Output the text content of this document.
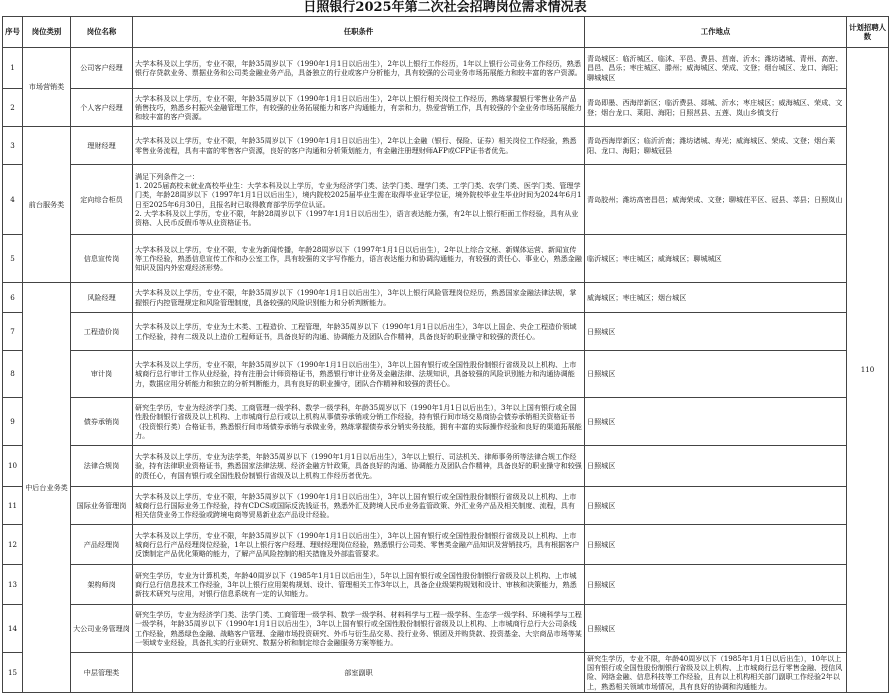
日照银行2025年第二次社会招聘岗位需求情况表
序号	岗位类别	岗位名称	任职条件	工作地点	计划招聘人数	
1	市场营销类	公司客户经理	大学本科及以上学历，专业不限，年龄35周岁以下（1990年1月1日以后出生），2年以上银行工作经历，1年以上银行公司业务工作经历，熟悉银行存贷款业务、票据业务和公司类金融业务产品，具备独立的行业或客户分析能力，具有较强的公司业务市场拓展能力和较丰富的客户资源。	青岛城区：临沂城区、临沭、平邑、费县、莒南、沂水；潍坊诸城、青州、高密、昌邑、昌乐；枣庄城区、滕州；威海城区、荣成、文登；烟台城区、龙口、海阳；聊城城区	110	
2		个人客户经理	大学本科及以上学历，专业不限，年龄35周岁以下（1990年1月1日以后出生），2年以上银行相关岗位工作经历，熟练掌握银行零售业务产品销售技巧，熟悉乡村振兴金融管理工作，有较强的业务拓展能力和客户沟通能力，有亲和力，热爱营销工作，具有较强的个金业务市场拓展能力和较丰富的客户资源。	青岛即墨、西海岸新区；临沂费县、郯城、沂水；枣庄城区；威海城区、荣成、文登；烟台龙口、莱阳、海阳；日照莒县、五莲、岚山乡镇支行		
3	前台服务类	理财经理	大学本科及以上学历，专业不限，年龄35周岁以下（1990年1月1日以后出生），2年以上金融（银行、保险、证券）相关岗位工作经验，熟悉零售业务流程，具有丰富的零售客户资源，良好的客户沟通和分析策划能力，有金融注册理财师AFP或CFP证书者优先。	青岛西海岸新区；临沂沂南；潍坊诸城、寿光；威海城区、荣成、文登；烟台莱阳、龙口、海阳；聊城冠县		
4		定向综合柜员	满足下列条件之一：
1. 2025届高校未就业高校毕业生：大学本科及以上学历，专业为经济学门类、法学门类、理学门类、工学门类、农学门类、医学门类、管理学门类，年龄28周岁以下（1997年1月1日以后出生），境内院校2025届毕业生需在取得毕业证学位证，境外院校毕业生毕业时间为2024年6月1日至2025年6月30日，且报名时已取得教育部学历学位认证。
2. 大学本科及以上学历，专业不限，年龄28周岁以下（1997年1月1日以后出生），语言表达能力强，有2年以上银行柜面工作经验，具有从业资格、人民币反假币等从业资格证书。	青岛胶州；潍坊高密昌邑；威海荣成、文登；聊城茌平区、冠县、莘县；日照岚山		
5		信息宣传岗	大学本科及以上学历，专业不限，专业为新闻传播，年龄28周岁以下（1997年1月1日以后出生），2年以上综合文秘、新媒体运营、新闻宣传等工作经验，熟悉信息宣传工作和办公室工作，具有较强的文字写作能力，语言表达能力和协调沟通能力，有较强的责任心、事业心，熟悉金融知识及国内外宏观经济形势。	临沂城区；枣庄城区；威海城区；聊城城区		
6	中后台业务类	风险经理	大学本科及以上学历，专业不限，年龄35周岁以下（1990年1月1日以后出生），3年以上银行风险管理岗位经历，熟悉国家金融法律法规，掌握银行内控管理规定和风险管理制度，具备较强的风险识别能力和分析判断能力。	威海城区；枣庄城区；烟台城区		
7		工程造价岗	大学本科及以上学历，专业为土木类、工程造价、工程管理，年龄35周岁以下（1990年1月1日以后出生），3年以上国企、央企工程造价领域工作经验，持有二级及以上造价工程师证书，具备良好的沟通、协调能力及团队合作精神，具备良好的职业操守和较强的责任心。	日照城区		
8		审计岗	大学本科及以上学历，专业不限，年龄35周岁以下（1990年1月1日以后出生），3年以上国有银行或全国性股份制银行省级及以上机构、上市城商行总行审计工作从业经验，持有注册会计师资格证书，熟悉银行审计业务及金融法律、法规知识，具备较强的风险识别能力和沟通协调能力，数据应用分析能力和独立的分析判断能力，具有良好的职业操守，团队合作精神和较强的责任心。	日照城区		
9		债券承销岗	研究生学历，专业为经济学门类、工商管理一级学科、数学一级学科，年龄35周岁以下（1990年1月1日以后出生），3年以上国有银行或全国性股份制银行省级及以上机构、上市城商行总行或以上机构从事债券承销或分销工作经验，持有银行间市场交易商协会债券承销相关资格证书（投资银行类）合格证书，熟悉银行间市场债券承销与承做业务，熟练掌握债券承分销实务技能，拥有丰富的实际操作经验和良好的渠道拓展能力。	日照城区		
10		法律合规岗	大学本科及以上学历，专业为法学类，年龄35周岁以下（1990年1月1日以后出生），3年以上银行、司法机关、律师事务所等法律合规工作经验，持有法律职业资格证书，熟悉国家法律法规、经济金融方针政策，具备良好的沟通、协调能力及团队合作精神，具备良好的职业操守和较强的责任心，有国有银行或全国性股份制银行省级及以上机构工作经历者优先。	日照城区		
11		国际业务管理岗	大学本科及以上学历，专业不限，年龄35周岁以下（1990年1月1日以后出生），3年以上国有银行或全国性股份制银行省级及以上机构、上市城商行总行国际业务工作经验，持有CDCS或国际反洗钱证书，熟悉外汇及跨境人民币业务监管政策、外汇业务产品及相关制度、流程，具有相关信贷业务工作经验或跨境电商等贸易新业态产品设计经验。	日照城区		
12		产品经理岗	大学本科及以上学历，专业不限，年龄35周岁以下（1990年1月1日以后出生），3年以上国有银行或全国性股份制银行省级及以上机构、上市城商行总行产品经理岗位经验，1年以上银行客户经理、理财经理岗位经验，熟悉银行公司类、零售类金融产品知识及营销技巧，具有根据客户反馈制定产品优化策略的能力，了解产品风险控制的相关措施及外部监管要求。	日照城区		
13		架构师岗	研究生学历，专业为计算机类，年龄40周岁以下（1985年1月1日以后出生），5年以上国有银行或全国性股份制银行省级及以上机构、上市城商行总行信息技术工作经验，3年以上银行应用架构规划、设计、管理相关工作3年以上，具备企业级架构规划和设计、审核和决策能力，熟悉新技术研究与应用，对银行信息系统有一定的认知能力。	日照城区		
14		大公司业务管理岗	研究生学历，专业为经济学门类、法学门类、工商管理一级学科、数学一级学科、材料科学与工程一级学科、生态学一级学科、环境科学与工程一级学科，年龄35周岁以下（1990年1月1日以后出生），3年以上国有银行或全国性股份制银行省级及以上机构、上市城商行总行大公司条线工作经验，熟悉绿色金融、战略客户管理、金融市场投资研究、外币与衍生品交易、投行业务、银团及并购贷款、投资基金、大宗商品市场等某一领域专业经验，具备扎实的行业研究、数据分析和制定综合金融服务方案等能力。	日照城区		
15		中层管理类	部室副职	研究生学历，专业不限，年龄40周岁以下（1985年1月1日以后出生），10年以上国有银行或全国性股份制银行省级及以上机构、上市城商行总行零售金融、授信风险、网络金融、信息科技等工作经验，且有以上机构相关部门副职工作经验2年以上，熟悉相关领域市场情况，具有良好的协调和沟通能力。	
